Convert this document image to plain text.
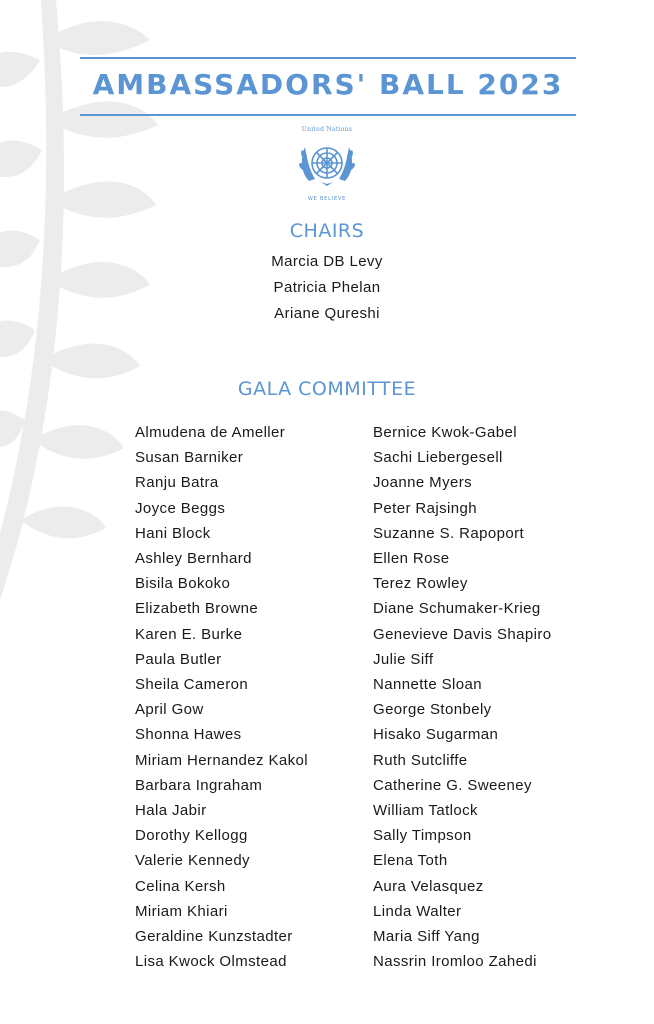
AMBASSADORS' BALL 2023
United Nations
WE BELIEVE
CHAIRS
Marcia DB Levy
Patricia Phelan
Ariane Qureshi
GALA COMMITTEE
Almudena de Ameller
Susan Barniker
Ranju Batra
Joyce Beggs
Hani Block
Ashley Bernhard
Bisila Bokoko
Elizabeth Browne
Karen E. Burke
Paula Butler
Sheila Cameron
April Gow
Shonna Hawes
Miriam Hernandez Kakol
Barbara Ingraham
Hala Jabir
Dorothy Kellogg
Valerie Kennedy
Celina Kersh
Miriam Khiari
Geraldine Kunzstadter
Lisa Kwock Olmstead
Bernice Kwok-Gabel
Sachi Liebergesell
Joanne Myers
Peter Rajsingh
Suzanne S. Rapoport
Ellen Rose
Terez Rowley
Diane Schumaker-Krieg
Genevieve Davis Shapiro
Julie Siff
Nannette Sloan
George Stonbely
Hisako Sugarman
Ruth Sutcliffe
Catherine G. Sweeney
William Tatlock
Sally Timpson
Elena Toth
Aura Velasquez
Linda Walter
Maria Siff Yang
Nassrin Iromloo Zahedi
